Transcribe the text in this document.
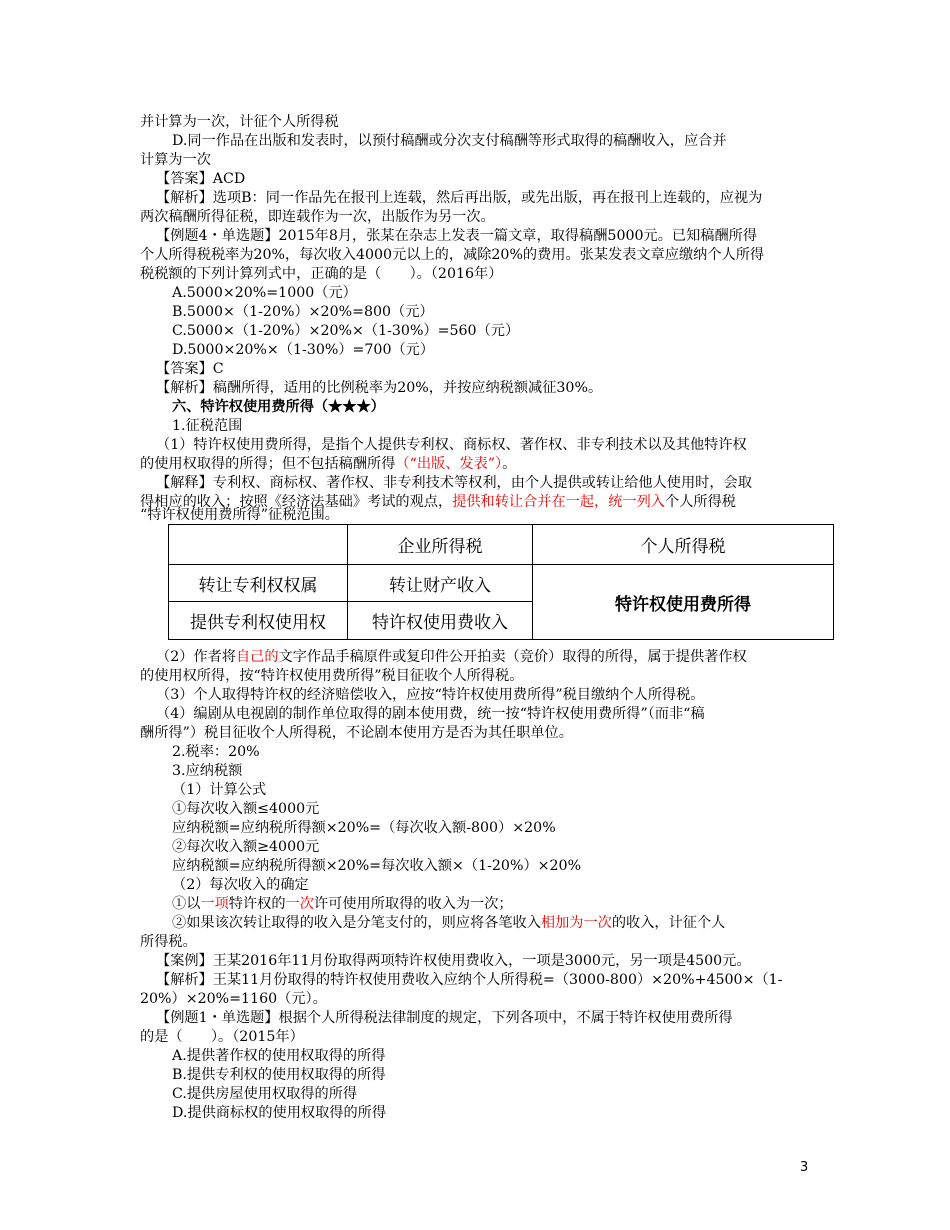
并计算为一次，计征个人所得税
D.同一作品在出版和发表时，以预付稿酬或分次支付稿酬等形式取得的稿酬收入，应合并
计算为一次
【答案】ACD
【解析】选项B：同一作品先在报刊上连载，然后再出版，或先出版，再在报刊上连载的，应视为
两次稿酬所得征税，即连载作为一次，出版作为另一次。
【例题4・单选题】2015年8月，张某在杂志上发表一篇文章，取得稿酬5000元。已知稿酬所得
个人所得税税率为20%，每次收入4000元以上的，减除20%的费用。张某发表文章应缴纳个人所得
税税额的下列计算列式中，正确的是（　　）。（2016年）
A.5000×20%=1000（元）
B.5000×（1-20%）×20%=800（元）
C.5000×（1-20%）×20%×（1-30%）=560（元）
D.5000×20%×（1-30%）=700（元）
【答案】C
【解析】稿酬所得，适用的比例税率为20%，并按应纳税额减征30%。
六、特许权使用费所得（★★★）
1.征税范围
（1）特许权使用费所得，是指个人提供专利权、商标权、著作权、非专利技术以及其他特许权
的使用权取得的所得；但不包括稿酬所得（“出版、发表”）。
【解释】专利权、商标权、著作权、非专利技术等权利，由个人提供或转让给他人使用时，会取
得相应的收入；按照《经济法基础》考试的观点，提供和转让合并在一起，统一列入个人所得税
“特许权使用费所得”征税范围。
	企业所得税	个人所得税
转让专利权权属	转让财产收入	特许权使用费所得
提供专利权使用权	特许权使用费收入	
（2）作者将自己的文字作品手稿原件或复印件公开拍卖（竞价）取得的所得，属于提供著作权
的使用权所得，按“特许权使用费所得”税目征收个人所得税。
（3）个人取得特许权的经济赔偿收入，应按“特许权使用费所得”税目缴纳个人所得税。
（4）编剧从电视剧的制作单位取得的剧本使用费，统一按“特许权使用费所得”（而非“稿
酬所得”）税目征收个人所得税，不论剧本使用方是否为其任职单位。
2.税率：20%
3.应纳税额
（1）计算公式
①每次收入额≤4000元
应纳税额=应纳税所得额×20%=（每次收入额-800）×20%
②每次收入额≥4000元
应纳税额=应纳税所得额×20%=每次收入额×（1-20%）×20%
（2）每次收入的确定
①以一项特许权的一次许可使用所取得的收入为一次；
②如果该次转让取得的收入是分笔支付的，则应将各笔收入相加为一次的收入，计征个人
所得税。
【案例】王某2016年11月份取得两项特许权使用费收入，一项是3000元，另一项是4500元。
【解析】王某11月份取得的特许权使用费收入应纳个人所得税=（3000-800）×20%+4500×（1-
20%）×20%=1160（元）。
【例题1・单选题】根据个人所得税法律制度的规定，下列各项中，不属于特许权使用费所得
的是（　　）。（2015年）
A.提供著作权的使用权取得的所得
B.提供专利权的使用权取得的所得
C.提供房屋使用权取得的所得
D.提供商标权的使用权取得的所得
3
